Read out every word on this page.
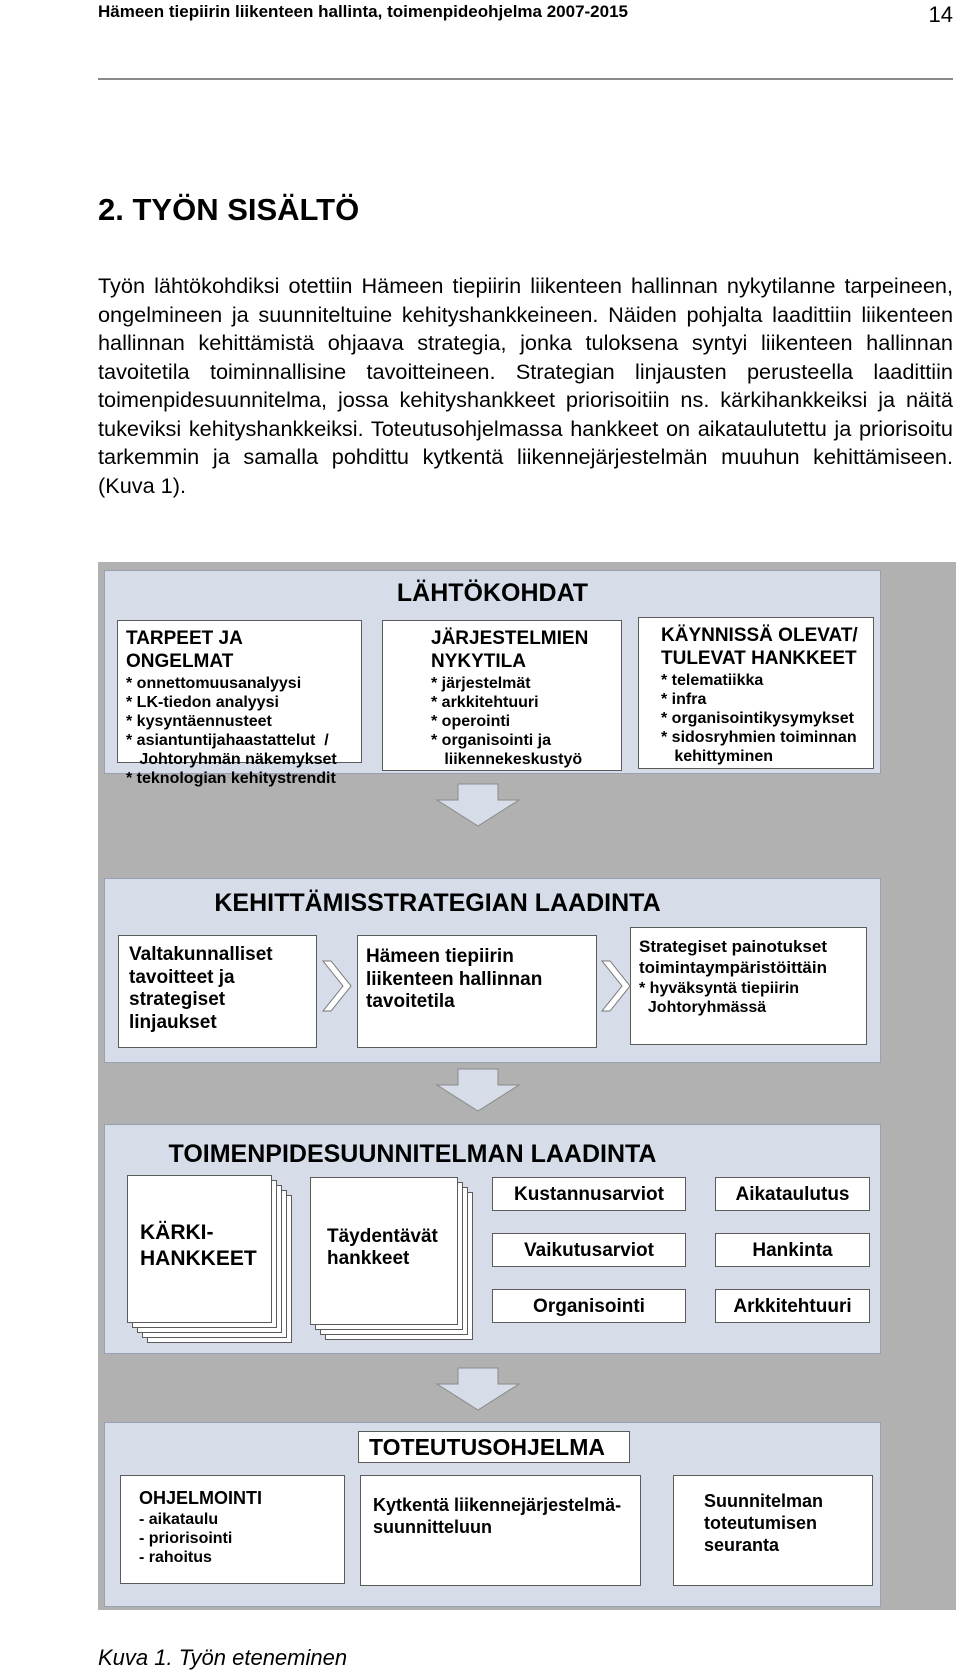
Hämeen tiepiirin liikenteen hallinta, toimenpideohjelma 2007-2015	14
2. TYÖN SISÄLTÖ

Työn lähtökohdiksi otettiin Hämeen tiepiirin liikenteen hallinnan nykytilanne tarpeineen, ongelmineen ja suunniteltuine kehityshankkeineen. Näiden pohjalta laadittiin liikenteen hallinnan kehittämistä ohjaava strategia, jonka tuloksena syntyi liikenteen hallinnan tavoitetila toiminnallisine tavoitteineen. Strategian linjausten perusteella laadittiin toimenpidesuunnitelma, jossa kehityshankkeet priorisoitiin ns. kärkihankkeiksi ja näitä tukeviksi kehityshankkeiksi. Toteutusohjelmassa hankkeet on aikataulutettu ja priorisoitu tarkemmin ja samalla pohdittu kytkentä liikennejärjestelmän muuhun kehittämiseen. (Kuva 1).

LÄHTÖKOHDAT
TARPEET JA ONGELMAT
* onnettomuusanalyysi
* LK-tiedon analyysi
* kysyntäennusteet
* asiantuntijahaastattelut  /
Johtoryhmän näkemykset
* teknologian kehitystrendit
JÄRJESTELMIEN NYKYTILA
* järjestelmät
* arkkitehtuuri
* operointi
* organisointi ja
liikennekeskustyö
KÄYNNISSÄ OLEVAT/ TULEVAT HANKKEET
* telematiikka
* infra
* organisointikysymykset
* sidosryhmien toiminnan
kehittyminen
KEHITTÄMISSTRATEGIAN LAADINTA
Valtakunnalliset tavoitteet ja strategiset linjaukset
Hämeen tiepiirin liikenteen hallinnan tavoitetila
Strategiset painotukset toimintaympäristöittäin
* hyväksyntä tiepiirin
Johtoryhmässä
TOIMENPIDESUUNNITELMAN LAADINTA
KÄRKI-HANKKEET
Täydentävät hankkeet
Kustannusarviot	Aikataulutus
Vaikutusarviot	Hankinta
Organisointi	Arkkitehtuuri
TOTEUTUSOHJELMA
OHJELMOINTI
- aikataulu
- priorisointi
- rahoitus
Kytkentä liikennejärjestelmä-suunnitteluun
Suunnitelman toteutumisen seuranta

Kuva 1. Työn eteneminen
